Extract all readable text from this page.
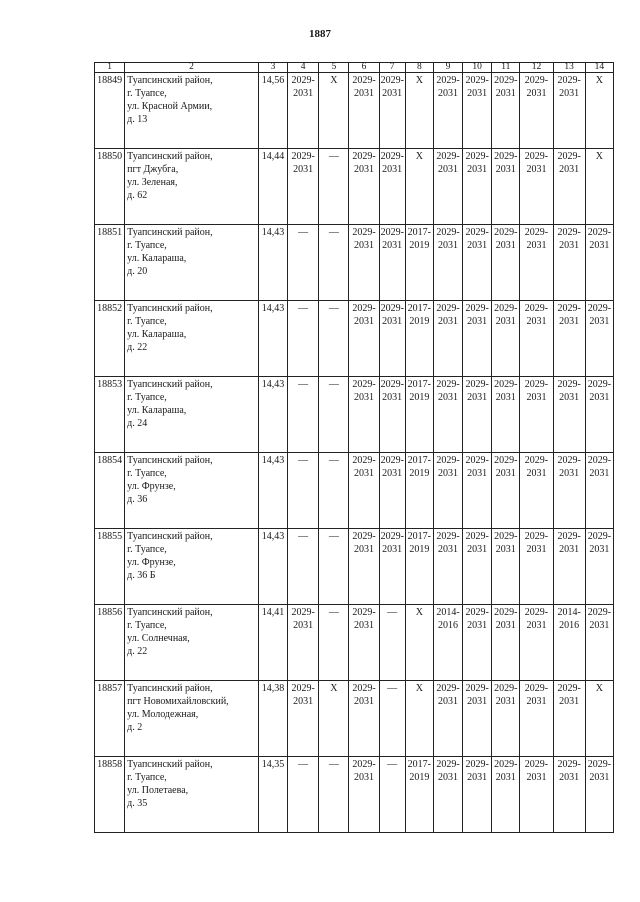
1887
1	2	3	4	5	6	7	8	9	10	11	12	13	14
18849	Туапсинский район,
г. Туапсе,
ул. Красной Армии,
д. 13	14,56	2029-
2031	X	2029-
2031	2029-
2031	X	2029-
2031	2029-
2031	2029-
2031	2029-
2031	2029-
2031	X

18850	Туапсинский район,
пгт Джубга,
ул. Зеленая,
д. 62	14,44	2029-
2031	—	2029-
2031	2029-
2031	X	2029-
2031	2029-
2031	2029-
2031	2029-
2031	2029-
2031	X

18851	Туапсинский район,
г. Туапсе,
ул. Калараша,
д. 20	14,43	—	—	2029-
2031	2029-
2031	2017-
2019	2029-
2031	2029-
2031	2029-
2031	2029-
2031	2029-
2031	2029-
2031

18852	Туапсинский район,
г. Туапсе,
ул. Калараша,
д. 22	14,43	—	—	2029-
2031	2029-
2031	2017-
2019	2029-
2031	2029-
2031	2029-
2031	2029-
2031	2029-
2031	2029-
2031

18853	Туапсинский район,
г. Туапсе,
ул. Калараша,
д. 24	14,43	—	—	2029-
2031	2029-
2031	2017-
2019	2029-
2031	2029-
2031	2029-
2031	2029-
2031	2029-
2031	2029-
2031

18854	Туапсинский район,
г. Туапсе,
ул. Фрунзе,
д. 36	14,43	—	—	2029-
2031	2029-
2031	2017-
2019	2029-
2031	2029-
2031	2029-
2031	2029-
2031	2029-
2031	2029-
2031

18855	Туапсинский район,
г. Туапсе,
ул. Фрунзе,
д. 36 Б	14,43	—	—	2029-
2031	2029-
2031	2017-
2019	2029-
2031	2029-
2031	2029-
2031	2029-
2031	2029-
2031	2029-
2031

18856	Туапсинский район,
г. Туапсе,
ул. Солнечная,
д. 22	14,41	2029-
2031	—	2029-
2031	—	X	2014-
2016	2029-
2031	2029-
2031	2029-
2031	2014-
2016	2029-
2031

18857	Туапсинский район,
пгт Новомихайловский,
ул. Молодежная,
д. 2	14,38	2029-
2031	X	2029-
2031	—	X	2029-
2031	2029-
2031	2029-
2031	2029-
2031	2029-
2031	X

18858	Туапсинский район,
г. Туапсе,
ул. Полетаева,
д. 35	14,35	—	—	2029-
2031	—	2017-
2019	2029-
2031	2029-
2031	2029-
2031	2029-
2031	2029-
2031	2029-
2031
